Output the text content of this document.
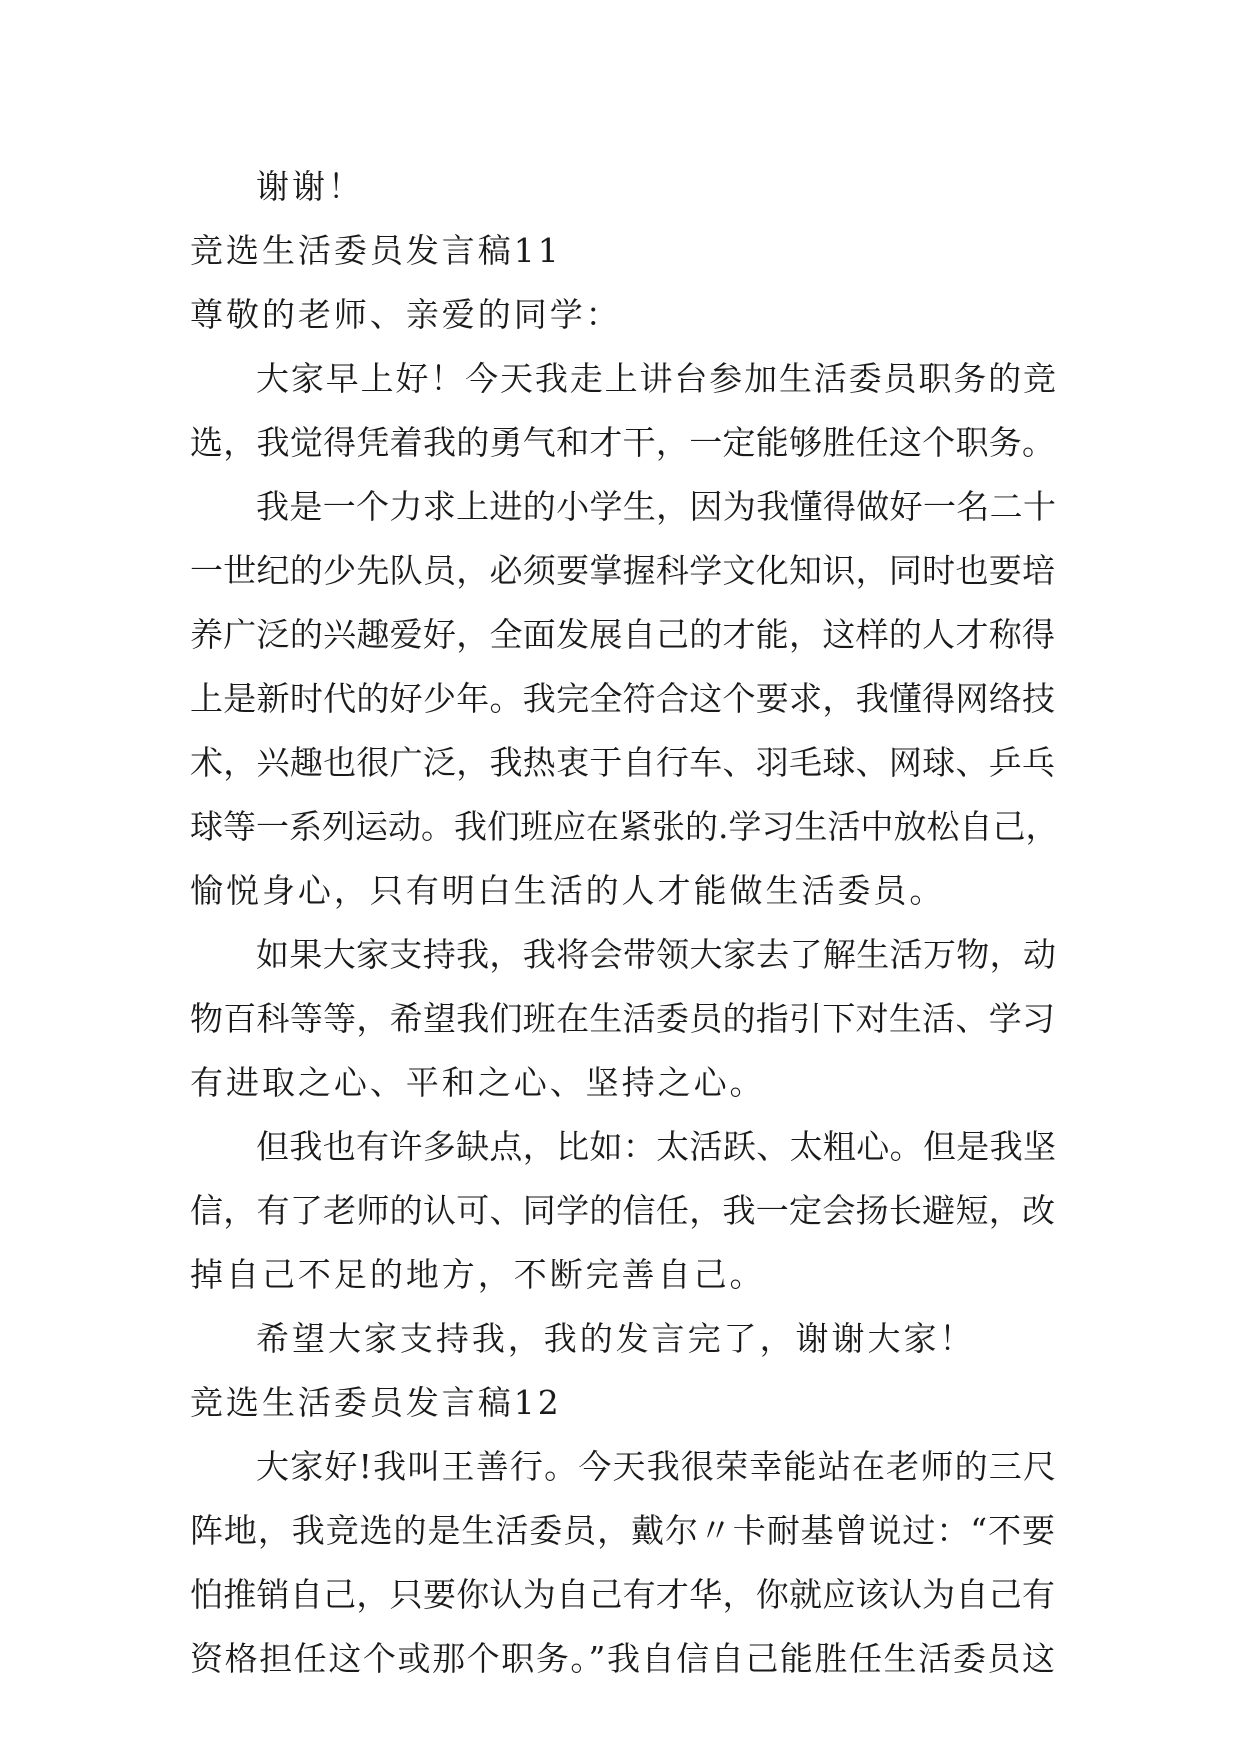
谢谢！
竞选生活委员发言稿11
尊敬的老师、亲爱的同学：
大家早上好！今天我走上讲台参加生活委员职务的竞
选，我觉得凭着我的勇气和才干，一定能够胜任这个职务。
我是一个力求上进的小学生，因为我懂得做好一名二十
一世纪的少先队员，必须要掌握科学文化知识，同时也要培
养广泛的兴趣爱好，全面发展自己的才能，这样的人才称得
上是新时代的好少年。我完全符合这个要求，我懂得网络技
术，兴趣也很广泛，我热衷于自行车、羽毛球、网球、乒乓
球等一系列运动。我们班应在紧张的.学习生活中放松自己，
愉悦身心，只有明白生活的人才能做生活委员。
如果大家支持我，我将会带领大家去了解生活万物，动
物百科等等，希望我们班在生活委员的指引下对生活、学习
有进取之心、平和之心、坚持之心。
但我也有许多缺点，比如：太活跃、太粗心。但是我坚
信，有了老师的认可、同学的信任，我一定会扬长避短，改
掉自己不足的地方，不断完善自己。
希望大家支持我，我的发言完了，谢谢大家！
竞选生活委员发言稿12
大家好!我叫王善行。今天我很荣幸能站在老师的三尺
阵地，我竞选的是生活委员，戴尔〃卡耐基曾说过：“不要
怕推销自己，只要你认为自己有才华，你就应该认为自己有
资格担任这个或那个职务。”我自信自己能胜任生活委员这
